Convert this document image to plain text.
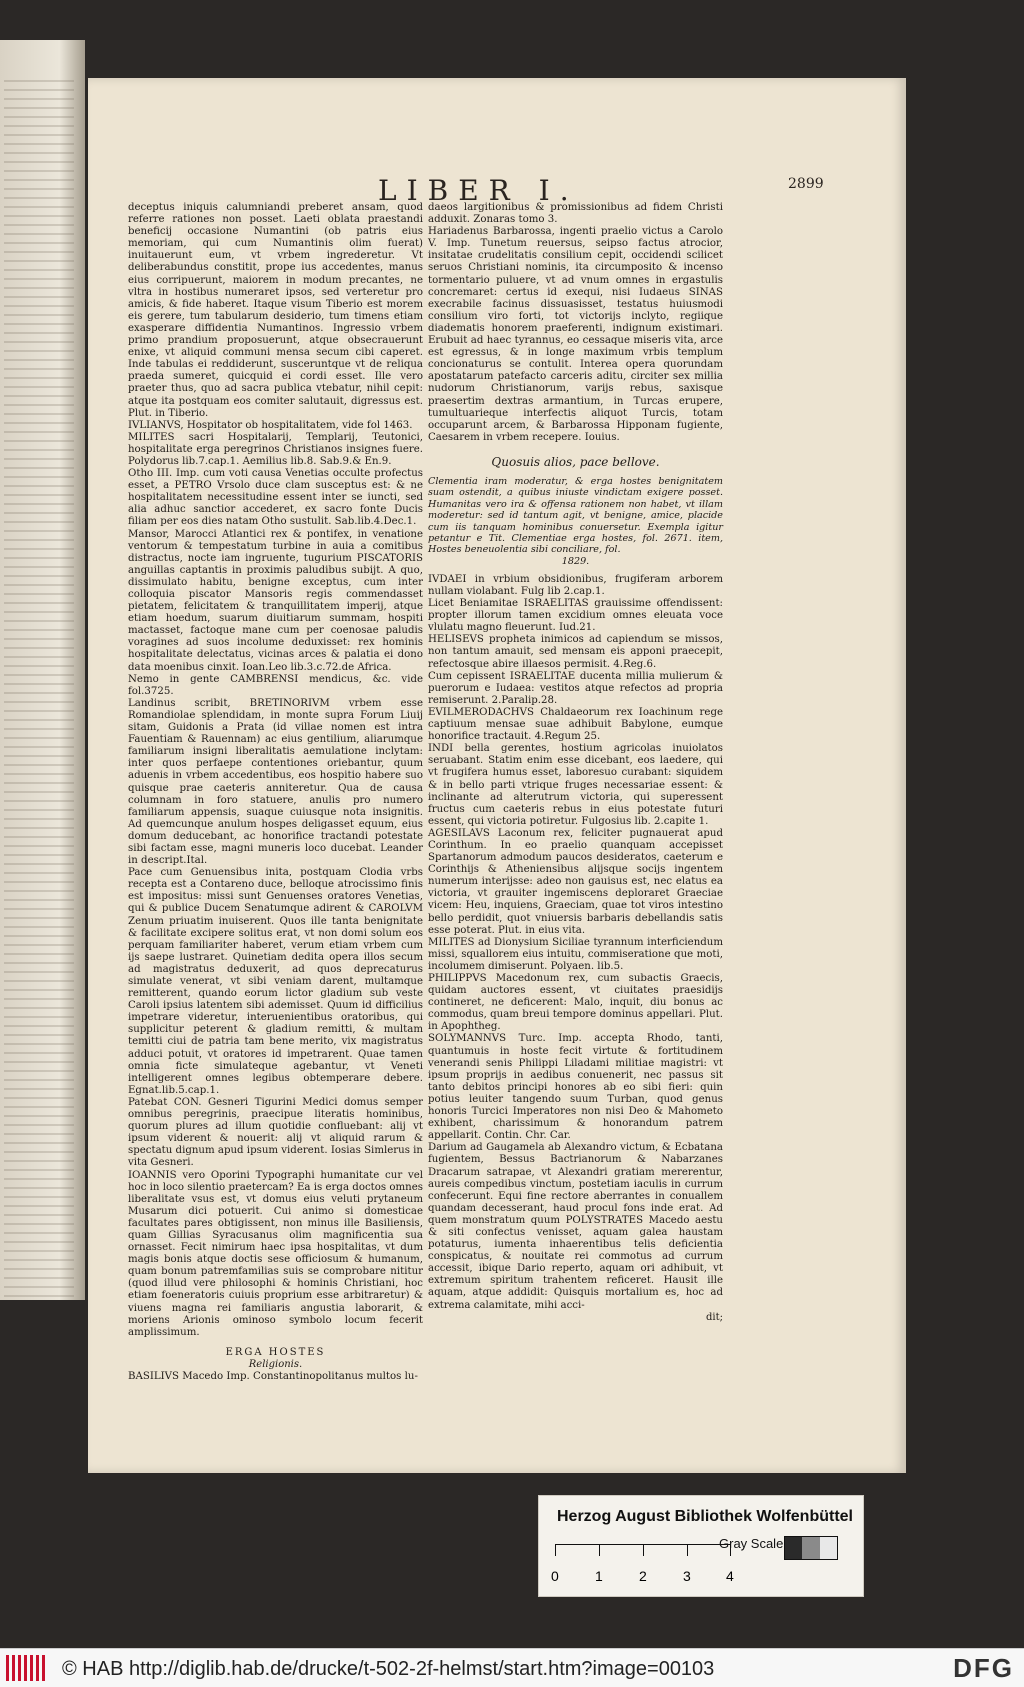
LIBER I.	2899

deceptus iniquis calumniandi preberet ansam, quod referre rationes non posset. Laeti oblata praestandi beneficij occasione Numantini (ob patris eius memoriam, qui cum Numantinis olim fuerat) inuitauerunt eum, vt vrbem ingrederetur. Vt deliberabundus constitit, prope ius accedentes, manus eius corripuerunt, maiorem in modum precantes, ne vltra in hostibus numeraret ipsos, sed verteretur pro amicis, & fide haberet. Itaque visum Tiberio est morem eis gerere, tum tabularum desiderio, tum timens etiam exasperare diffidentia Numantinos. Ingressio vrbem primo prandium proposuerunt, atque obsecrauerunt enixe, vt aliquid communi mensa secum cibi caperet. Inde tabulas ei reddiderunt, susceruntque vt de reliqua praeda sumeret, quicquid ei cordi esset. Ille vero praeter thus, quo ad sacra publica vtebatur, nihil cepit: atque ita postquam eos comiter salutauit, digressus est. Plut. in Tiberio.

IVLIANVS, Hospitator ob hospitalitatem, vide fol 1463.

MILITES sacri Hospitalarij, Templarij, Teutonici, hospitalitate erga peregrinos Christianos insignes fuere. Polydorus lib.7.cap.1. Aemilius lib.8. Sab.9.& En.9.

Otho III. Imp. cum voti causa Venetias occulte profectus esset, a PETRO Vrsolo duce clam susceptus est: & ne hospitalitatem necessitudine essent inter se iuncti, sed alia adhuc sanctior accederet, ex sacro fonte Ducis filiam per eos dies natam Otho sustulit. Sab.lib.4.Dec.1.

Mansor, Marocci Atlantici rex & pontifex, in venatione ventorum & tempestatum turbine in auia a comitibus distractus, nocte iam ingruente, tugurium PISCATORIS anguillas captantis in proximis paludibus subijt. A quo, dissimulato habitu, benigne exceptus, cum inter colloquia piscator Mansoris regis commendasset pietatem, felicitatem & tranquillitatem imperij, atque etiam hoedum, suarum diuitiarum summam, hospiti mactasset, factoque mane cum per coenosae paludis voragines ad suos incolume deduxisset: rex hominis hospitalitate delectatus, vicinas arces & palatia ei dono data moenibus cinxit. Ioan.Leo lib.3.c.72.de Africa.

Nemo in gente CAMBRENSI mendicus, &c. vide fol.3725.

Landinus scribit, BRETINORIVM vrbem esse Romandiolae splendidam, in monte supra Forum Liuij sitam, Guidonis a Prata (id villae nomen est intra Fauentiam & Rauennam) ac eius gentilium, aliarumque familiarum insigni liberalitatis aemulatione inclytam: inter quos perfaepe contentiones oriebantur, quum aduenis in vrbem accedentibus, eos hospitio habere suo quisque prae caeteris anniteretur. Qua de causa columnam in foro statuere, anulis pro numero familiarum appensis, suaque cuiusque nota insignitis. Ad quemcunque anulum hospes deligasset equum, eius domum deducebant, ac honorifice tractandi potestate sibi factam esse, magni muneris loco ducebat. Leander in descript.Ital.

Pace cum Genuensibus inita, postquam Clodia vrbs recepta est a Contareno duce, belloque atrocissimo finis est impositus: missi sunt Genuenses oratores Venetias, qui & publice Ducem Senatumque adirent & CAROLVM Zenum priuatim inuiserent. Quos ille tanta benignitate & facilitate excipere solitus erat, vt non domi solum eos perquam familiariter haberet, verum etiam vrbem cum ijs saepe lustraret. Quinetiam dedita opera illos secum ad magistratus deduxerit, ad quos deprecaturus simulate venerat, vt sibi veniam darent, multamque remitterent, quando eorum lictor gladium sub veste Caroli ipsius latentem sibi ademisset. Quum id difficilius impetrare videretur, interuenientibus oratoribus, qui supplicitur peterent & gladium remitti, & multam temitti ciui de patria tam bene merito, vix magistratus adduci potuit, vt oratores id impetrarent. Quae tamen omnia ficte simulateque agebantur, vt Veneti intelligerent omnes legibus obtemperare debere. Egnat.lib.5.cap.1.

Patebat CON. Gesneri Tigurini Medici domus semper omnibus peregrinis, praecipue literatis hominibus, quorum plures ad illum quotidie confluebant: alij vt ipsum viderent & nouerit: alij vt aliquid rarum & spectatu dignum apud ipsum viderent. Iosias Simlerus in vita Gesneri.

IOANNIS vero Oporini Typographi humanitate cur vel hoc in loco silentio praetercam? Ea is erga doctos omnes liberalitate vsus est, vt domus eius veluti prytaneum Musarum dici potuerit. Cui animo si domesticae facultates pares obtigissent, non minus ille Basiliensis, quam Gillias Syracusanus olim magnificentia sua ornasset. Fecit nimirum haec ipsa hospitalitas, vt dum magis bonis atque doctis sese officiosum & humanum, quam bonum patremfamilias suis se comprobare nititur (quod illud vere philosophi & hominis Christiani, hoc etiam foeneratoris cuiuis proprium esse arbitraretur) & viuens magna rei familiaris angustia laborarit, & moriens Arionis ominoso symbolo locum fecerit amplissimum.

ERGA HOSTES
Religionis.

BASILIVS Macedo Imp. Constantinopolitanus multos lu-

daeos largitionibus & promissionibus ad fidem Christi adduxit. Zonaras tomo 3.

Hariadenus Barbarossa, ingenti praelio victus a Carolo V. Imp. Tunetum reuersus, seipso factus atrocior, insitatae crudelitatis consilium cepit, occidendi scilicet seruos Christiani nominis, ita circumposito & incenso tormentario puluere, vt ad vnum omnes in ergastulis concremaret: certus id exequi, nisi Iudaeus SINAS execrabile facinus dissuasisset, testatus huiusmodi consilium viro forti, tot victorijs inclyto, regiique diadematis honorem praeferenti, indignum existimari. Erubuit ad haec tyrannus, eo cessaque miseris vita, arce est egressus, & in longe maximum vrbis templum concionaturus se contulit. Interea opera quorundam apostatarum patefacto carceris aditu, circiter sex millia nudorum Christianorum, varijs rebus, saxisque praesertim dextras armantium, in Turcas erupere, tumultuarieque interfectis aliquot Turcis, totam occuparunt arcem, & Barbarossa Hipponam fugiente, Caesarem in vrbem recepere. Iouius.

Quosuis alios, pace bellove.

Clementia iram moderatur, & erga hostes benignitatem suam ostendit, a quibus iniuste vindictam exigere posset. Humanitas vero ira & offensa rationem non habet, vt illam moderetur: sed id tantum agit, vt benigne, amice, placide cum iis tanquam hominibus conuersetur. Exempla igitur petantur e Tit. Clementiae erga hostes, fol. 2671. item, Hostes beneuolentia sibi conciliare, fol.

1829.

IVDAEI in vrbium obsidionibus, frugiferam arborem nullam violabant. Fulg lib 2.cap.1.

Licet Beniamitae ISRAELITAS grauissime offendissent: propter illorum tamen excidium omnes eleuata voce vlulatu magno fleuerunt. Iud.21.

HELISEVS propheta inimicos ad capiendum se missos, non tantum amauit, sed mensam eis apponi praecepit, refectosque abire illaesos permisit. 4.Reg.6.

Cum cepissent ISRAELITAE ducenta millia mulierum & puerorum e Iudaea: vestitos atque refectos ad propria remiserunt. 2.Paralip.28.

EVILMERODACHVS Chaldaeorum rex Ioachinum rege captiuum mensae suae adhibuit Babylone, eumque honorifice tractauit. 4.Regum 25.

INDI bella gerentes, hostium agricolas inuiolatos seruabant. Statim enim esse dicebant, eos laedere, qui vt frugifera humus esset, laboresuo curabant: siquidem & in bello parti vtrique fruges necessariae essent: & inclinante ad alterutrum victoria, qui superessent fructus cum caeteris rebus in eius potestate futuri essent, qui victoria potiretur. Fulgosius lib. 2.capite 1.

AGESILAVS Laconum rex, feliciter pugnauerat apud Corinthum. In eo praelio quanquam accepisset Spartanorum admodum paucos desideratos, caeterum e Corinthijs & Atheniensibus alijsque socijs ingentem numerum interijsse: adeo non gauisus est, nec elatus ea victoria, vt grauiter ingemiscens deploraret Graeciae vicem: Heu, inquiens, Graeciam, quae tot viros intestino bello perdidit, quot vniuersis barbaris debellandis satis esse poterat. Plut. in eius vita.

MILITES ad Dionysium Siciliae tyrannum interficiendum missi, squallorem eius intuitu, commiseratione que moti, incolumem dimiserunt. Polyaen. lib.5.

PHILIPPVS Macedonum rex, cum subactis Graecis, quidam auctores essent, vt ciuitates praesidijs contineret, ne deficerent: Malo, inquit, diu bonus ac commodus, quam breui tempore dominus appellari. Plut. in Apophtheg.

SOLYMANNVS Turc. Imp. accepta Rhodo, tanti, quantumuis in hoste fecit virtute & fortitudinem venerandi senis Philippi Liladami militiae magistri: vt ipsum proprijs in aedibus conuenerit, nec passus sit tanto debitos principi honores ab eo sibi fieri: quin potius leuiter tangendo suum Turban, quod genus honoris Turcici Imperatores non nisi Deo & Mahometo exhibent, charissimum & honorandum patrem appellarit. Contin. Chr. Car.

Darium ad Gaugamela ab Alexandro victum, & Ecbatana fugientem, Bessus Bactrianorum & Nabarzanes Dracarum satrapae, vt Alexandri gratiam mererentur, aureis compedibus vinctum, postetiam iaculis in currum confecerunt. Equi fine rectore aberrantes in conuallem quandam decesserant, haud procul fons inde erat. Ad quem monstratum quum POLYSTRATES Macedo aestu & siti confectus venisset, aquam galea haustam potaturus, iumenta inhaerentibus telis deficientia conspicatus, & nouitate rei commotus ad currum accessit, ibique Dario reperto, aquam ori adhibuit, vt extremum spiritum trahentem reficeret. Hausit ille aquam, atque addidit: Quisquis mortalium es, hoc ad extrema calamitate, mihi acci-

dit;
Herzog August Bibliothek Wolfenbüttel
0	1	2	3	4
Gray Scale
© HAB http://diglib.hab.de/drucke/t-502-2f-helmst/start.htm?image=00103	DFG
